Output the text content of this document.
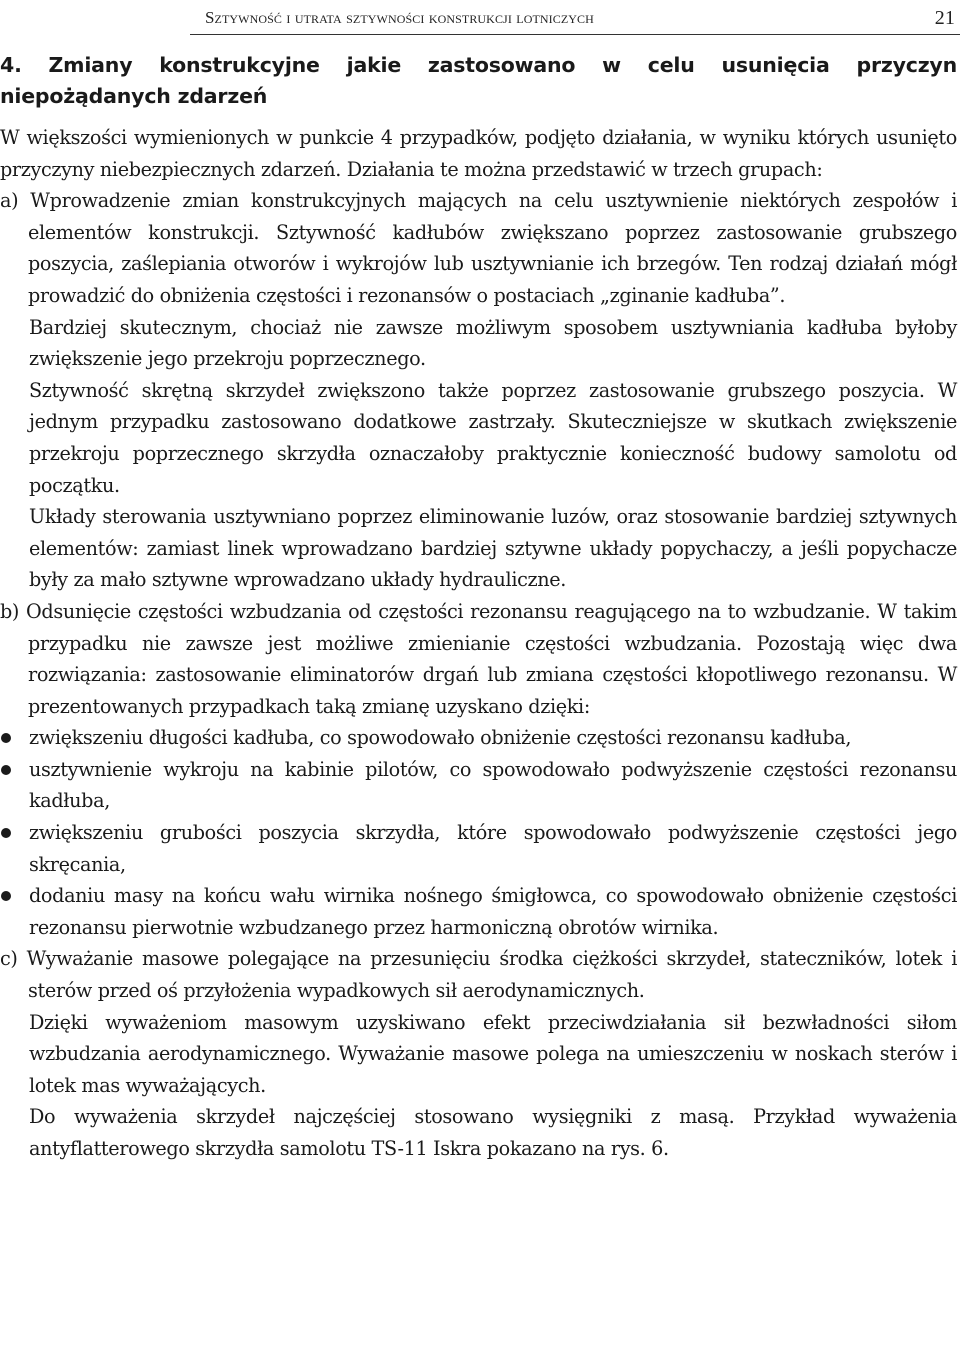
Sztywność i utrata sztywności konstrukcji lotniczych	21
4. Zmiany konstrukcyjne jakie zastosowano w celu usunięcia przyczyn niepożądanych zdarzeń

W większości wymienionych w punkcie 4 przypadków, podjęto działania, w wyniku których usunięto przyczyny niebezpiecznych zdarzeń. Działania te można przedstawić w trzech grupach:

a) Wprowadzenie zmian konstrukcyjnych mających na celu usztywnienie niektórych zespołów i elementów konstrukcji. Sztywność kadłubów zwiększano poprzez zastosowanie grubszego poszycia, zaślepiania otworów i wykrojów lub usztywnianie ich brzegów. Ten rodzaj działań mógł prowadzić do obniżenia częstości i rezonansów o postaciach „zginanie kadłuba”.

Bardziej skutecznym, chociaż nie zawsze możliwym sposobem usztywniania kadłuba byłoby zwiększenie jego przekroju poprzecznego.

Sztywność skrętną skrzydeł zwiększono także poprzez zastosowanie grubszego poszycia. W jednym przypadku zastosowano dodatkowe zastrzały. Skuteczniejsze w skutkach zwiększenie przekroju poprzecznego skrzydła oznaczałoby praktycznie konieczność budowy samolotu od początku.

Układy sterowania usztywniano poprzez eliminowanie luzów, oraz stosowanie bardziej sztywnych elementów: zamiast linek wprowadzano bardziej sztywne układy popychaczy, a jeśli popychacze były za mało sztywne wprowadzano układy hydrauliczne.

b) Odsunięcie częstości wzbudzania od częstości rezonansu reagującego na to wzbudzanie. W takim przypadku nie zawsze jest możliwe zmienianie częstości wzbudzania. Pozostają więc dwa rozwiązania: zastosowanie eliminatorów drgań lub zmiana częstości kłopotliwego rezonansu. W prezentowanych przypadkach taką zmianę uzyskano dzięki:

zwiększeniu długości kadłuba, co spowodowało obniżenie częstości rezonansu kadłuba,
usztywnienie wykroju na kabinie pilotów, co spowodowało podwyższenie częstości rezonansu kadłuba,
zwiększeniu grubości poszycia skrzydła, które spowodowało podwyższenie częstości jego skręcania,
dodaniu masy na końcu wału wirnika nośnego śmigłowca, co spowodowało obniżenie częstości rezonansu pierwotnie wzbudzanego przez harmoniczną obrotów wirnika.

c) Wyważanie masowe polegające na przesunięciu środka ciężkości skrzydeł, stateczników, lotek i sterów przed oś przyłożenia wypadkowych sił aerodynamicznych.

Dzięki wyważeniom masowym uzyskiwano efekt przeciwdziałania sił bezwładności siłom wzbudzania aerodynamicznego. Wyważanie masowe polega na umieszczeniu w noskach sterów i lotek mas wyważających.

Do wyważenia skrzydeł najczęściej stosowano wysięgniki z masą. Przykład wyważenia antyflatterowego skrzydła samolotu TS-11 Iskra pokazano na rys. 6.
